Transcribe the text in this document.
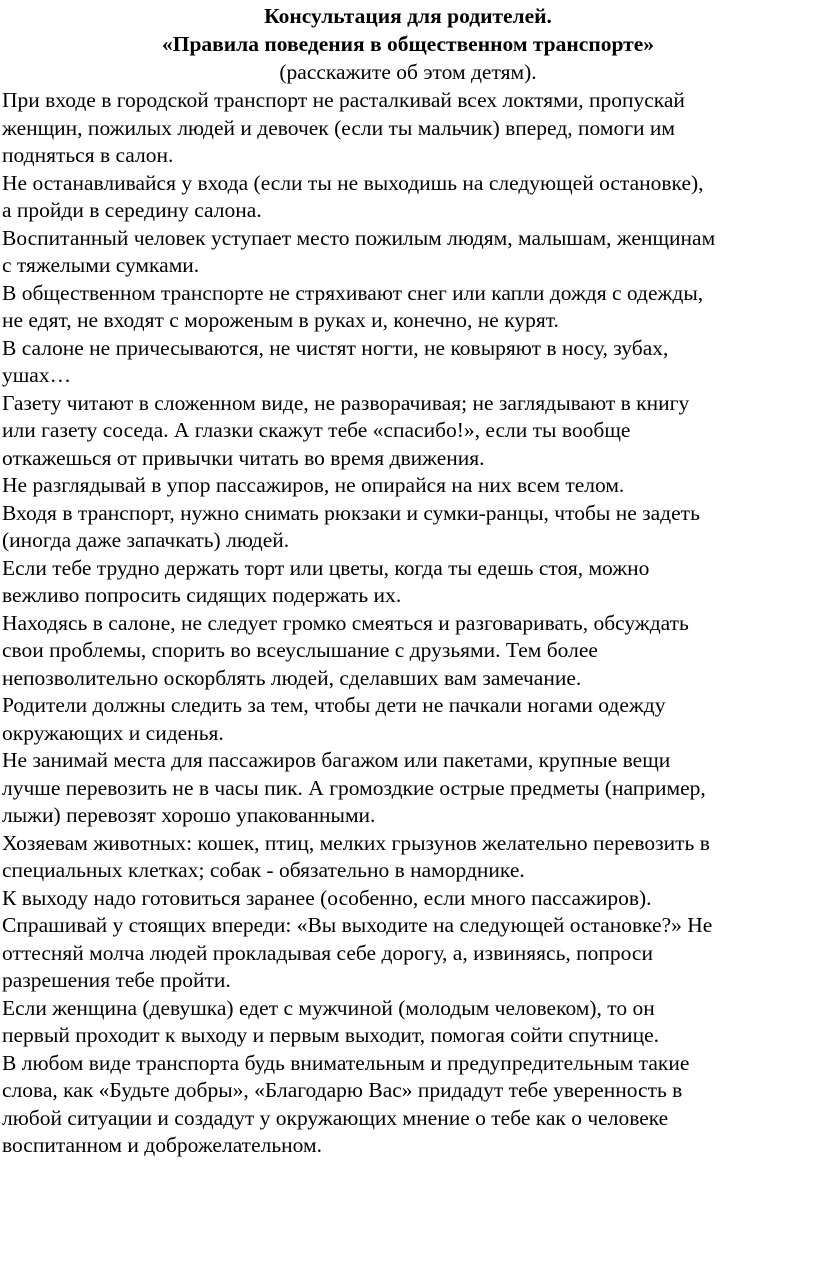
Консультация для родителей.
«Правила поведения в общественном транспорте»
(расскажите об этом детям).
При входе в городской транспорт не расталкивай всех локтями, пропускай
женщин, пожилых людей и девочек (если ты мальчик) вперед, помоги им
подняться в салон.
Не останавливайся у входа (если ты не выходишь на следующей остановке),
а пройди в середину салона.
Воспитанный человек уступает место пожилым людям, малышам, женщинам
с тяжелыми сумками.
В общественном транспорте не стряхивают снег или капли дождя с одежды,
не едят, не входят с мороженым в руках и, конечно, не курят.
В салоне не причесываются, не чистят ногти, не ковыряют в носу, зубах,
ушах…
Газету читают в сложенном виде, не разворачивая; не заглядывают в книгу
или газету соседа. А глазки скажут тебе «спасибо!», если ты вообще
откажешься от привычки читать во время движения.
Не разглядывай в упор пассажиров, не опирайся на них всем телом.
Входя в транспорт, нужно снимать рюкзаки и сумки-ранцы, чтобы не задеть
(иногда даже запачкать) людей.
Если тебе трудно держать торт или цветы, когда ты едешь стоя, можно
вежливо попросить сидящих подержать их.
Находясь в салоне, не следует громко смеяться и разговаривать, обсуждать
свои проблемы, спорить во всеуслышание с друзьями. Тем более
непозволительно оскорблять людей, сделавших вам замечание.
Родители должны следить за тем, чтобы дети не пачкали ногами одежду
окружающих и сиденья.
Не занимай места для пассажиров багажом или пакетами, крупные вещи
лучше перевозить не в часы пик. А громоздкие острые предметы (например,
лыжи) перевозят хорошо упакованными.
Хозяевам животных: кошек, птиц, мелких грызунов желательно перевозить в
специальных клетках; собак - обязательно в наморднике.
К выходу надо готовиться заранее (особенно, если много пассажиров).
Спрашивай у стоящих впереди: «Вы выходите на следующей остановке?» Не
оттесняй молча людей прокладывая себе дорогу, а, извиняясь, попроси
разрешения тебе пройти.
Если женщина (девушка) едет с мужчиной (молодым человеком), то он
первый проходит к выходу и первым выходит, помогая сойти спутнице.
В любом виде транспорта будь внимательным и предупредительным такие
слова, как «Будьте добры», «Благодарю Вас» придадут тебе уверенность в
любой ситуации и создадут у окружающих мнение о тебе как о человеке
воспитанном и доброжелательном.
